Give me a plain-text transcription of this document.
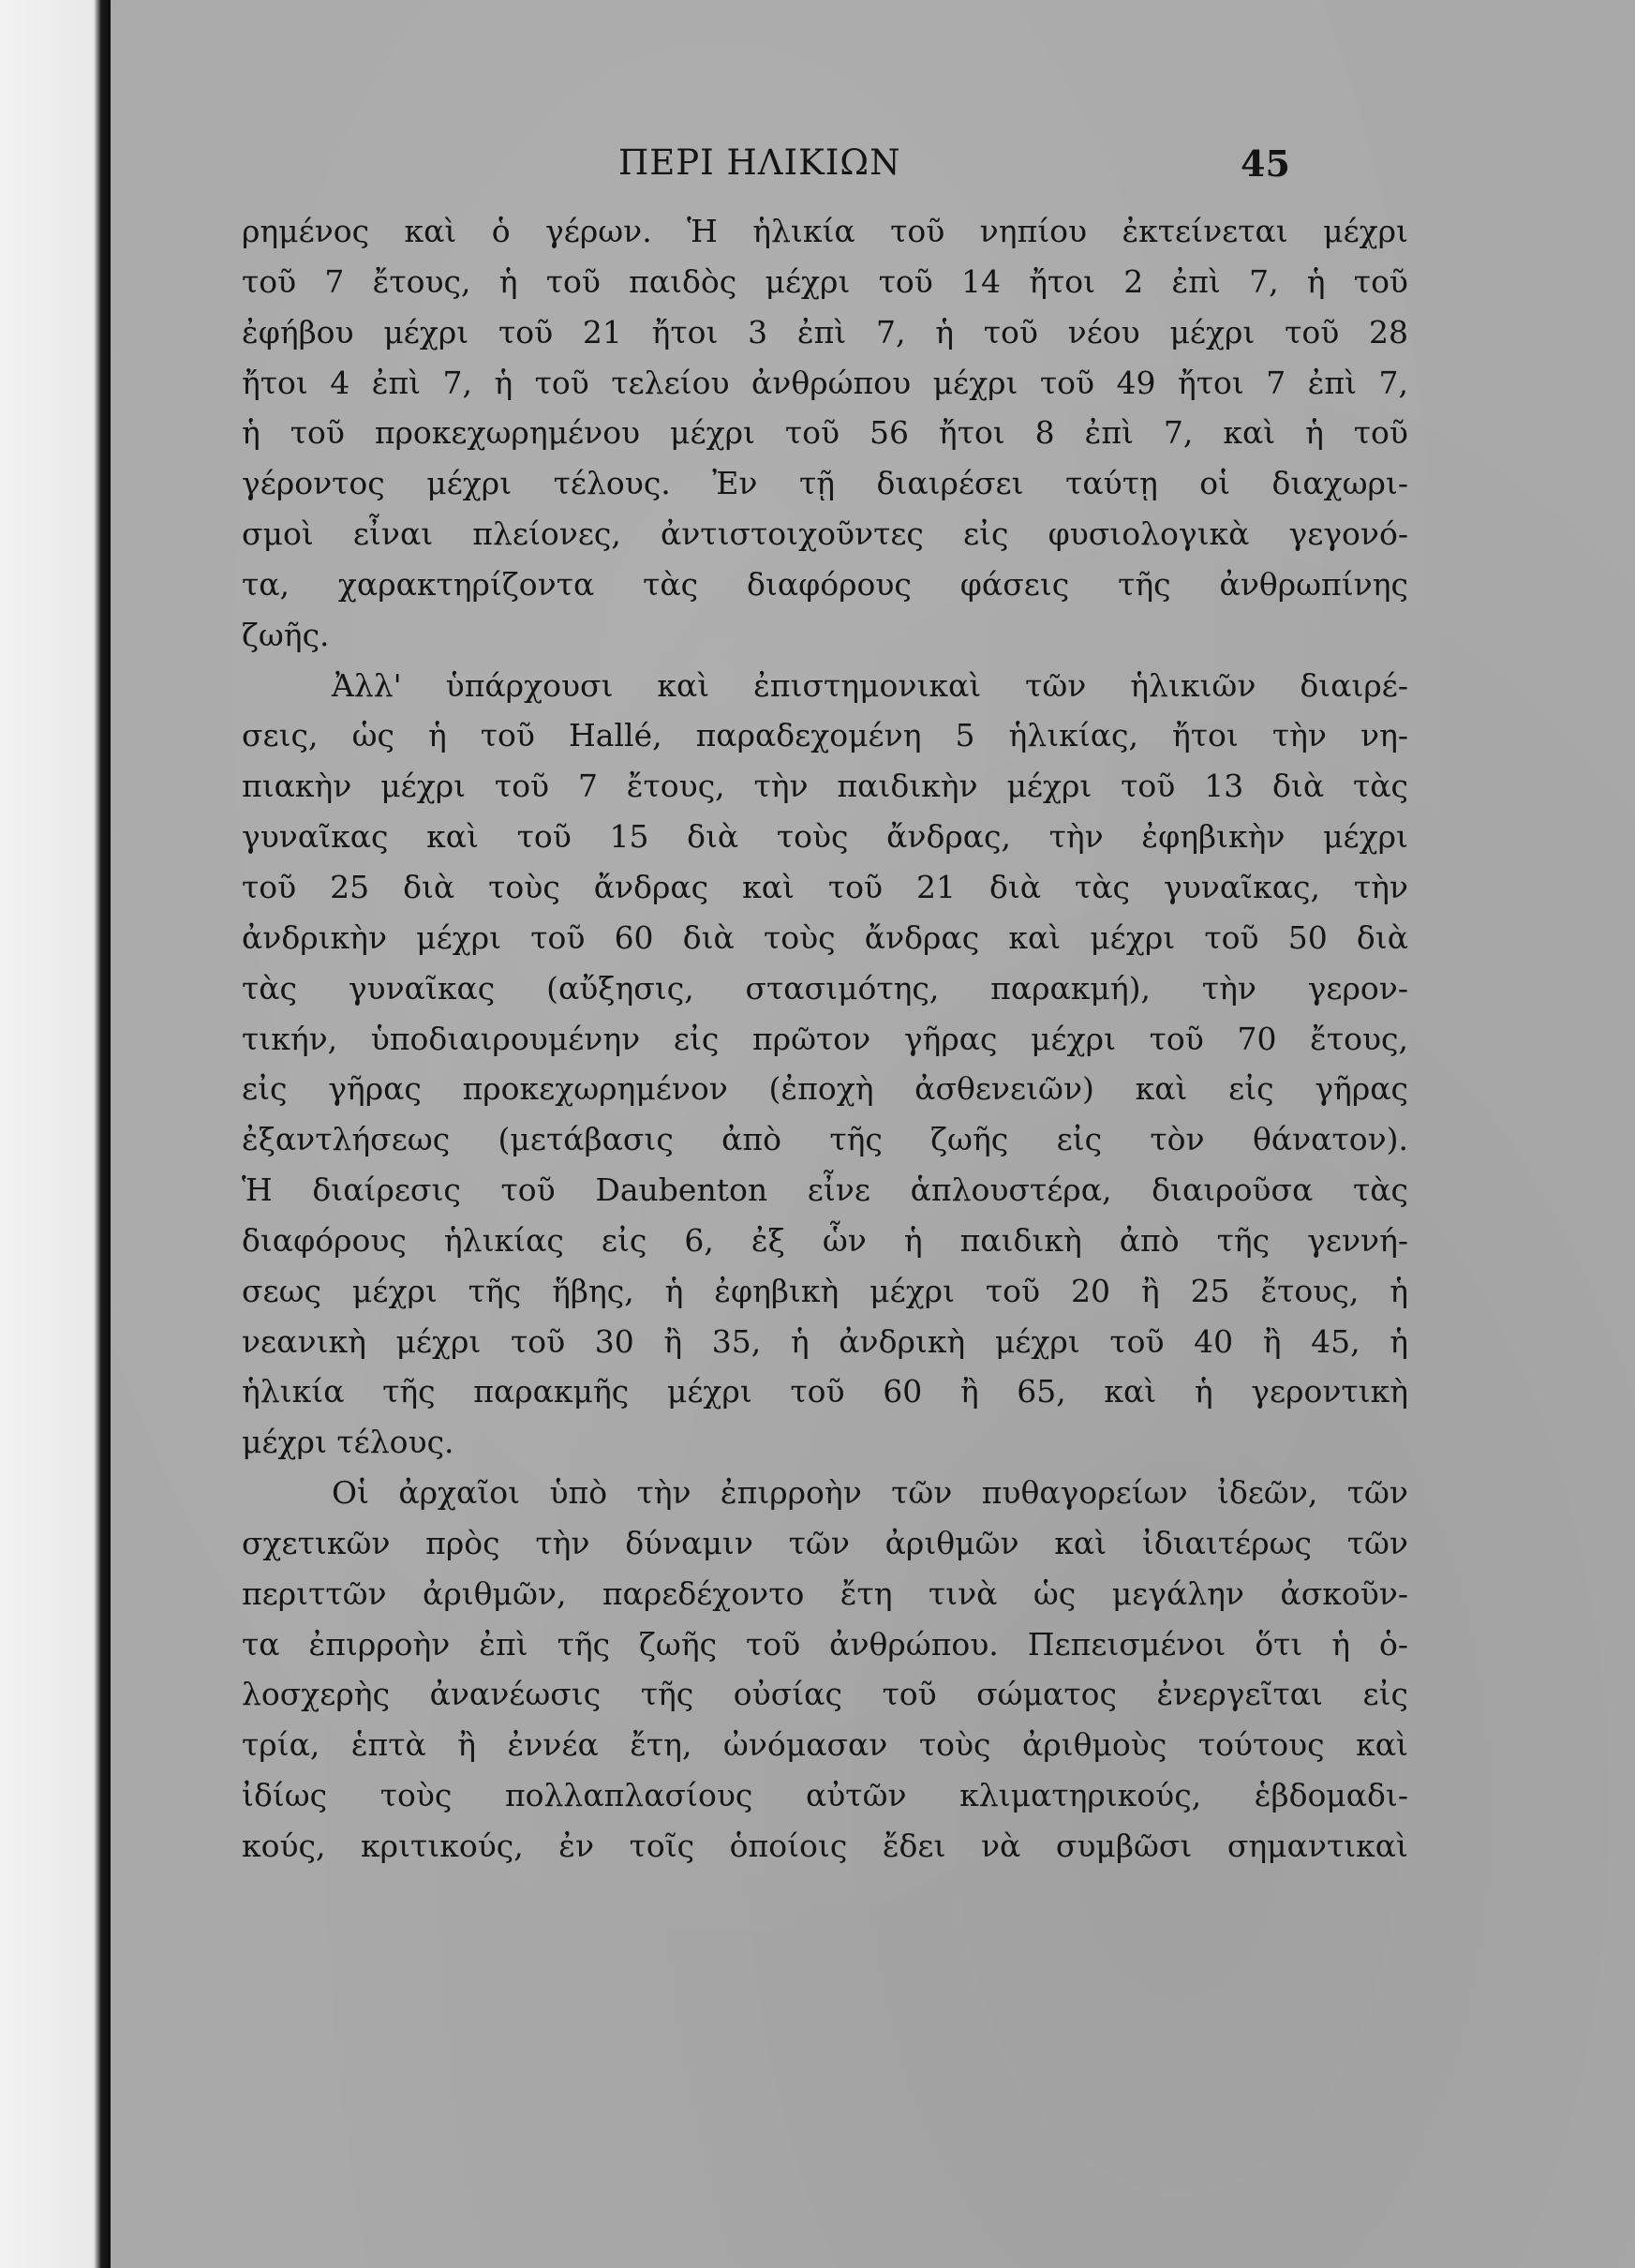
ΠΕΡΙ ΗΛΙΚΙΩΝ	45
ρημένος καὶ ὁ γέρων. Ἡ ἡλικία τοῦ νηπίου ἐκτείνεται μέχρι
τοῦ 7 ἔτους, ἡ τοῦ παιδὸς μέχρι τοῦ 14 ἤτοι 2 ἐπὶ 7, ἡ τοῦ
ἐφήβου μέχρι τοῦ 21 ἤτοι 3 ἐπὶ 7, ἡ τοῦ νέου μέχρι τοῦ 28
ἤτοι 4 ἐπὶ 7, ἡ τοῦ τελείου ἀνθρώπου μέχρι τοῦ 49 ἤτοι 7 ἐπὶ 7,
ἡ τοῦ προκεχωρημένου μέχρι τοῦ 56 ἤτοι 8 ἐπὶ 7, καὶ ἡ τοῦ
γέροντος μέχρι τέλους. Ἐν τῇ διαιρέσει ταύτῃ οἱ διαχωρι-
σμοὶ εἶναι πλείονες, ἀντιστοιχοῦντες εἰς φυσιολογικὰ γεγονό-
τα, χαρακτηρίζοντα τὰς διαφόρους φάσεις τῆς ἀνθρωπίνης
ζωῆς.
Ἀλλ' ὑπάρχουσι καὶ ἐπιστημονικαὶ τῶν ἡλικιῶν διαιρέ-
σεις, ὡς ἡ τοῦ Hallé, παραδεχομένη 5 ἡλικίας, ἤτοι τὴν νη-
πιακὴν μέχρι τοῦ 7 ἔτους, τὴν παιδικὴν μέχρι τοῦ 13 διὰ τὰς
γυναῖκας καὶ τοῦ 15 διὰ τοὺς ἄνδρας, τὴν ἐφηβικὴν μέχρι
τοῦ 25 διὰ τοὺς ἄνδρας καὶ τοῦ 21 διὰ τὰς γυναῖκας, τὴν
ἀνδρικὴν μέχρι τοῦ 60 διὰ τοὺς ἄνδρας καὶ μέχρι τοῦ 50 διὰ
τὰς γυναῖκας (αὔξησις, στασιμότης, παρακμή), τὴν γερον-
τικήν, ὑποδιαιρουμένην εἰς πρῶτον γῆρας μέχρι τοῦ 70 ἔτους,
εἰς γῆρας προκεχωρημένον (ἐποχὴ ἀσθενειῶν) καὶ εἰς γῆρας
ἐξαντλήσεως (μετάβασις ἀπὸ τῆς ζωῆς εἰς τὸν θάνατον).
Ἡ διαίρεσις τοῦ Daubenton εἶνε ἁπλουστέρα, διαιροῦσα τὰς
διαφόρους ἡλικίας εἰς 6, ἐξ ὧν ἡ παιδικὴ ἀπὸ τῆς γεννή-
σεως μέχρι τῆς ἥβης, ἡ ἐφηβικὴ μέχρι τοῦ 20 ἢ 25 ἔτους, ἡ
νεανικὴ μέχρι τοῦ 30 ἢ 35, ἡ ἀνδρικὴ μέχρι τοῦ 40 ἢ 45, ἡ
ἡλικία τῆς παρακμῆς μέχρι τοῦ 60 ἢ 65, καὶ ἡ γεροντικὴ
μέχρι τέλους.
Οἱ ἀρχαῖοι ὑπὸ τὴν ἐπιρροὴν τῶν πυθαγορείων ἰδεῶν, τῶν
σχετικῶν πρὸς τὴν δύναμιν τῶν ἀριθμῶν καὶ ἰδιαιτέρως τῶν
περιττῶν ἀριθμῶν, παρεδέχοντο ἔτη τινὰ ὡς μεγάλην ἀσκοῦν-
τα ἐπιρροὴν ἐπὶ τῆς ζωῆς τοῦ ἀνθρώπου. Πεπεισμένοι ὅτι ἡ ὁ-
λοσχερὴς ἀνανέωσις τῆς οὐσίας τοῦ σώματος ἐνεργεῖται εἰς
τρία, ἑπτὰ ἢ ἐννέα ἔτη, ὠνόμασαν τοὺς ἀριθμοὺς τούτους καὶ
ἰδίως τοὺς πολλαπλασίους αὐτῶν κλιματηρικούς, ἑβδομαδι-
κούς, κριτικούς, ἐν τοῖς ὁποίοις ἔδει νὰ συμβῶσι σημαντικαὶ
